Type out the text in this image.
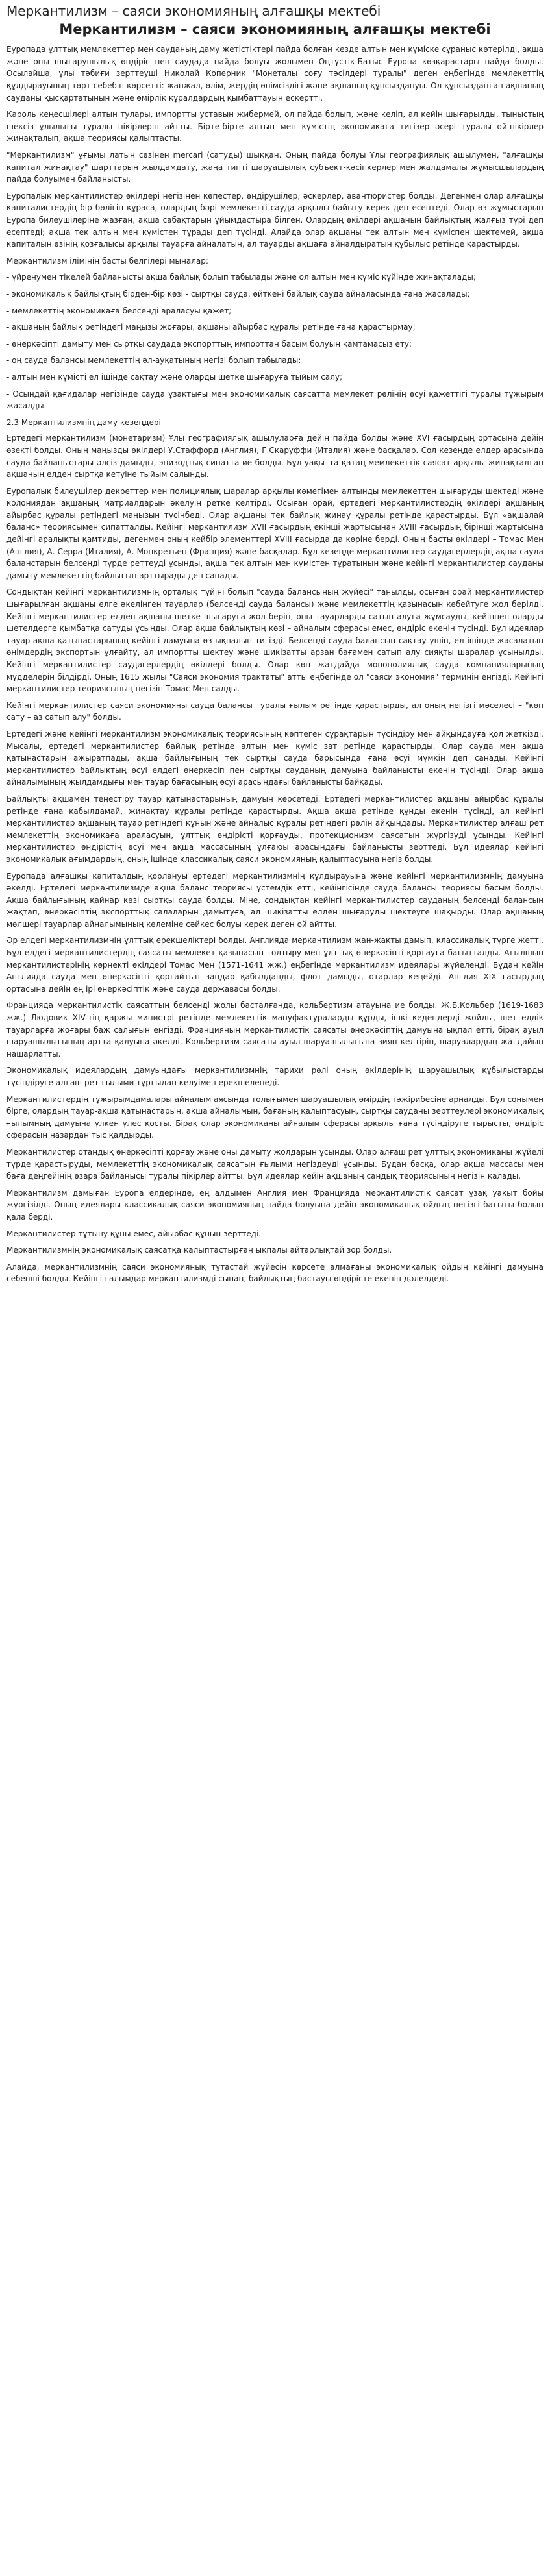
Меркантилизм – саяси экономияның алғашқы мектебі
Меркантилизм – саяси экономияның алғашқы мектебі

Еуропада ұлттық мемлекеттер мен сауданың даму жетістіктері пайда болған кезде алтын мен күміске сұраныс көтерілді, ақша және оны шығарушылық өндіріс пен саудада пайда болуы жолымен Оңтүстік-Батыс Еуропа көзқарастары пайда болды. Осылайша, ұлы тәбиғи зерттеуші Николай Коперник "Монеталы соғу тәсілдері туралы" деген еңбегінде мемлекеттің құлдырауының төрт себебін көрсетті: жанжал, өлім, жердің өнімсіздігі және ақшаның құнсыздануы. Ол құнсызданған ақшаның сауданы қысқартатынын және өмірлік құралдардың қымбаттауын ескертті.

Кароль кеңесшілері алтын тулары, импортты уставын жибермей, ол пайда болып, және келіп, ал кейін шығарылды, тыныстың шексіз ұлылығы туралы пікірлерін айтты. Бірте-бірте алтын мен күмістің экономикаға тигізер әсері туралы ой-пікірлер жинақталып, ақша теориясы қалыптасты.

"Меркантилизм" ұғымы латын сөзінен mercari (сатуды) шыққан. Оның пайда болуы Ұлы географиялық ашылумен, "алғашқы капитал жинақтау" шарттарын жылдамдату, жаңа типті шаруашылық субъект-кәсіпкерлер мен жалдамалы жұмысшылардың пайда болуымен байланысты.

Еуропалық меркантилистер өкілдері негізінен көпестер, өндірушілер, әскерлер, авантюристер болды. Дегенмен олар алғашқы капиталистердің бір бөлігін құраса, олардың бәрі мемлекетті сауда арқылы байыту керек деп есептеді. Олар өз жұмыстарын Еуропа билеушілеріне жазған, ақша сабақтарын ұйымдастыра білген. Олардың өкілдері ақшаның байлықтың жалғыз түрі деп есептеді; ақша тек алтын мен күмістен тұрады деп түсінді. Алайда олар ақшаны тек алтын мен күміспен шектемей, ақша капиталын өзінің қозғалысы арқылы тауарға айналатын, ал тауарды ақшаға айналдыратын құбылыс ретінде қарастырды.

Меркантилизм ілімінің басты белгілері мыналар:

- үйренумен тікелей байланысты ақша байлық болып табылады және ол алтын мен күміс күйінде жинақталады;

- экономикалық байлықтың бірден-бір көзі - сыртқы сауда, өйткені байлық сауда айналасында ғана жасалады;

- мемлекеттің экономикаға белсенді араласуы қажет;

- ақшаның байлық ретіндегі маңызы жоғары, ақшаны айырбас құралы ретінде ғана қарастырмау;

- өнеркәсіпті дамыту мен сыртқы саудада экспорттың импорттан басым болуын қамтамасыз ету;

- оң сауда балансы мемлекеттің әл-ауқатының негізі болып табылады;

- алтын мен күмісті ел ішінде сақтау және оларды шетке шығаруға тыйым салу;

- Осындай қағидалар негізінде сауда ұзақтығы мен экономикалық саясатта мемлекет рөлінің өсуі қажеттігі туралы тұжырым жасалды.

2.3 Меркантилизмнің даму кезеңдері

Ертедегі меркантилизм (монетаризм) Ұлы географиялық ашылуларға дейін пайда болды және XVI ғасырдың ортасына дейін өзекті болды. Оның маңызды өкілдері У.Стаффорд (Англия), Г.Скаруффи (Италия) және басқалар. Сол кезеңде елдер арасында сауда байланыстары әлсіз дамыды, эпизодтық сипатта ие болды. Бұл уақытта қатаң мемлекеттік саясат арқылы жинақталған ақшаның елден сыртқа кетуіне тыйым салынды.

Еуропалық билеушілер декреттер мен полициялық шаралар арқылы көмегімен алтынды мемлекеттен шығаруды шектеді және колониядан ақшаның матриалдарын әкелуін ретке келтірді. Осыған орай, ертедегі меркантилистердің өкілдері ақшаның айырбас құралы ретіндегі маңызын түсінбеді. Олар ақшаны тек байлық жинау құралы ретінде қарастырды. Бұл «ақшалай баланс» теориясымен сипатталды. Кейінгі меркантилизм XVII ғасырдың екінші жартысынан XVIII ғасырдың бірінші жартысына дейінгі аралықты қамтиды, дегенмен оның кейбір элементтері XVIII ғасырда да көріне берді. Оның басты өкілдері – Томас Мен (Англия), А. Серра (Италия), А. Монкретьен (Франция) және басқалар. Бұл кезеңде меркантилистер саудагерлердің ақша сауда баланстарын белсенді түрде реттеуді ұсынды, ақша тек алтын мен күмістен тұратынын және кейінгі меркантилистер сауданы дамыту мемлекеттің байлығын арттырады деп санады.

Сондықтан кейінгі меркантилизмнің орталық түйіні болып "сауда балансының жүйесі" танылды, осыған орай меркантилистер шығарылған ақшаны елге әкелінген тауарлар (белсенді сауда балансы) және мемлекеттің қазынасын көбейтуге жол берілді. Кейінгі меркантилистер елден ақшаны шетке шығаруға жол беріп, оны тауарларды сатып алуға жұмсауды, кейіннен оларды шетелдерге қымбатқа сатуды ұсынды. Олар ақша байлықтың көзі – айналым сферасы емес, өндіріс екенін түсінді. Бұл идеялар тауар-ақша қатынастарының кейінгі дамуына өз ықпалын тигізді. Белсенді сауда балансын сақтау үшін, ел ішінде жасалатын өнімдердің экспортын ұлғайту, ал импортты шектеу және шикізатты арзан бағамен сатып алу сияқты шаралар ұсынылды. Кейінгі меркантилистер саудагерлердің өкілдері болды. Олар көп жағдайда монополиялық сауда компанияларының мүдделерін білдірді. Оның 1615 жылы "Саяси экономия трактаты" атты еңбегінде ол "саяси экономия" терминін енгізді. Кейінгі меркантилистер теориясының негізін Томас Мен салды.

Кейінгі меркантилистер саяси экономияны сауда балансы туралы ғылым ретінде қарастырды, ал оның негізгі мәселесі – "көп сату – аз сатып алу" болды.

Ертедегі және кейінгі меркантилизм экономикалық теориясының көптеген сұрақтарын түсіндіру мен айқындауға қол жеткізді. Мысалы, ертедегі меркантилистер байлық ретінде алтын мен күміс зат ретінде қарастырды. Олар сауда мен ақша қатынастарын ажыратпады, ақша байлығының тек сыртқы сауда барысында ғана өсуі мүмкін деп санады. Кейінгі меркантилистер байлықтың өсуі елдегі өнеркәсіп пен сыртқы сауданың дамуына байланысты екенін түсінді. Олар ақша айналымының жылдамдығы мен тауар бағасының өсуі арасындағы байланысты байқады.

Байлықты ақшамен теңестіру тауар қатынастарының дамуын көрсетеді. Ертедегі меркантилистер ақшаны айырбас құралы ретінде ғана қабылдамай, жинақтау құралы ретінде қарастырды. Ақша ақша ретінде құнды екенін түсінді, ал кейінгі меркантилистер ақшаның тауар ретіндегі құнын және айналыс құралы ретіндегі рөлін айқындады. Меркантилистер алғаш рет мемлекеттің экономикаға араласуын, ұлттық өндірісті қорғауды, протекционизм саясатын жүргізуді ұсынды. Кейінгі меркантилистер өндірістің өсуі мен ақша массасының ұлғаюы арасындағы байланысты зерттеді. Бұл идеялар кейінгі экономикалық ағымдардың, оның ішінде классикалық саяси экономияның қалыптасуына негіз болды.

Еуропада алғашқы капиталдың қорлануы ертедегі меркантилизмнің құлдырауына және кейінгі меркантилизмнің дамуына әкелді. Ертедегі меркантилизмде ақша баланс теориясы үстемдік етті, кейінгісінде сауда балансы теориясы басым болды. Ақша байлығының қайнар көзі сыртқы сауда болды. Міне, сондықтан кейінгі меркантилистер сауданың белсенді балансын жақтап, өнеркәсіптің экспорттық салаларын дамытуға, ал шикізатты елден шығаруды шектеуге шақырды. Олар ақшаның мөлшері тауарлар айналымының көлеміне сәйкес болуы керек деген ой айтты.

Әр елдегі меркантилизмнің ұлттық ерекшеліктері болды. Англияда меркантилизм жан-жақты дамып, классикалық түрге жетті. Бұл елдегі меркантилистердің саясаты мемлекет қазынасын толтыру мен ұлттық өнеркәсіпті қорғауға бағытталды. Ағылшын меркантилистерінің көрнекті өкілдері Томас Мен (1571-1641 жж.) еңбегінде меркантилизм идеялары жүйеленді. Бұдан кейін Англияда сауда мен өнеркәсіпті қорғайтын заңдар қабылданды, флот дамыды, отарлар кеңейді. Англия XIX ғасырдың ортасына дейін ең ірі өнеркәсіптік және сауда державасы болды.

Францияда меркантилистік саясаттың белсенді жолы басталғанда, кольбертизм атауына ие болды. Ж.Б.Кольбер (1619-1683 жж.) Людовик XIV-тің қаржы министрі ретінде мемлекеттік мануфактураларды құрды, ішкі кедендерді жойды, шет елдік тауарларға жоғары баж салығын енгізді. Францияның меркантилистік саясаты өнеркәсіптің дамуына ықпал етті, бірақ ауыл шаруашылығының артта қалуына әкелді. Кольбертизм саясаты ауыл шаруашылығына зиян келтіріп, шаруалардың жағдайын нашарлатты.

Экономикалық идеялардың дамуындағы меркантилизмнің тарихи рөлі оның өкілдерінің шаруашылық құбылыстарды түсіндіруге алғаш рет ғылыми тұрғыдан келуімен ерекшеленеді.

Меркантилистердің тұжырымдамалары айналым аясында толығымен шаруашылық өмірдің тәжірибесіне арналды. Бұл сонымен бірге, олардың тауар-ақша қатынастарын, ақша айналымын, бағаның қалыптасуын, сыртқы сауданы зерттеулері экономикалық ғылымның дамуына үлкен үлес қосты. Бірақ олар экономиканы айналым сферасы арқылы ғана түсіндіруге тырысты, өндіріс сферасын назардан тыс қалдырды.

Меркантилистер отандық өнеркәсіпті қорғау және оны дамыту жолдарын ұсынды. Олар алғаш рет ұлттық экономиканы жүйелі түрде қарастыруды, мемлекеттің экономикалық саясатын ғылыми негіздеуді ұсынды. Бұдан басқа, олар ақша массасы мен баға деңгейінің өзара байланысы туралы пікірлер айтты. Бұл идеялар кейін ақшаның сандық теориясының негізін қалады.

Меркантилизм дамыған Еуропа елдерінде, ең алдымен Англия мен Францияда меркантилистік саясат ұзақ уақыт бойы жүргізілді. Оның идеялары классикалық саяси экономияның пайда болуына дейін экономикалық ойдың негізгі бағыты болып қала берді.

Меркантилистер тұтыну құны емес, айырбас құнын зерттеді.

Меркантилизмнің экономикалық саясатқа қалыптастырған ықпалы айтарлықтай зор болды.

Алайда, меркантилизмнің саяси экономиянық тұтастай жүйесін көрсете алмағаны экономикалық ойдың кейінгі дамуына себепші болды. Кейінгі ғалымдар меркантилизмді сынап, байлықтың бастауы өндірісте екенін дәлелдеді.
